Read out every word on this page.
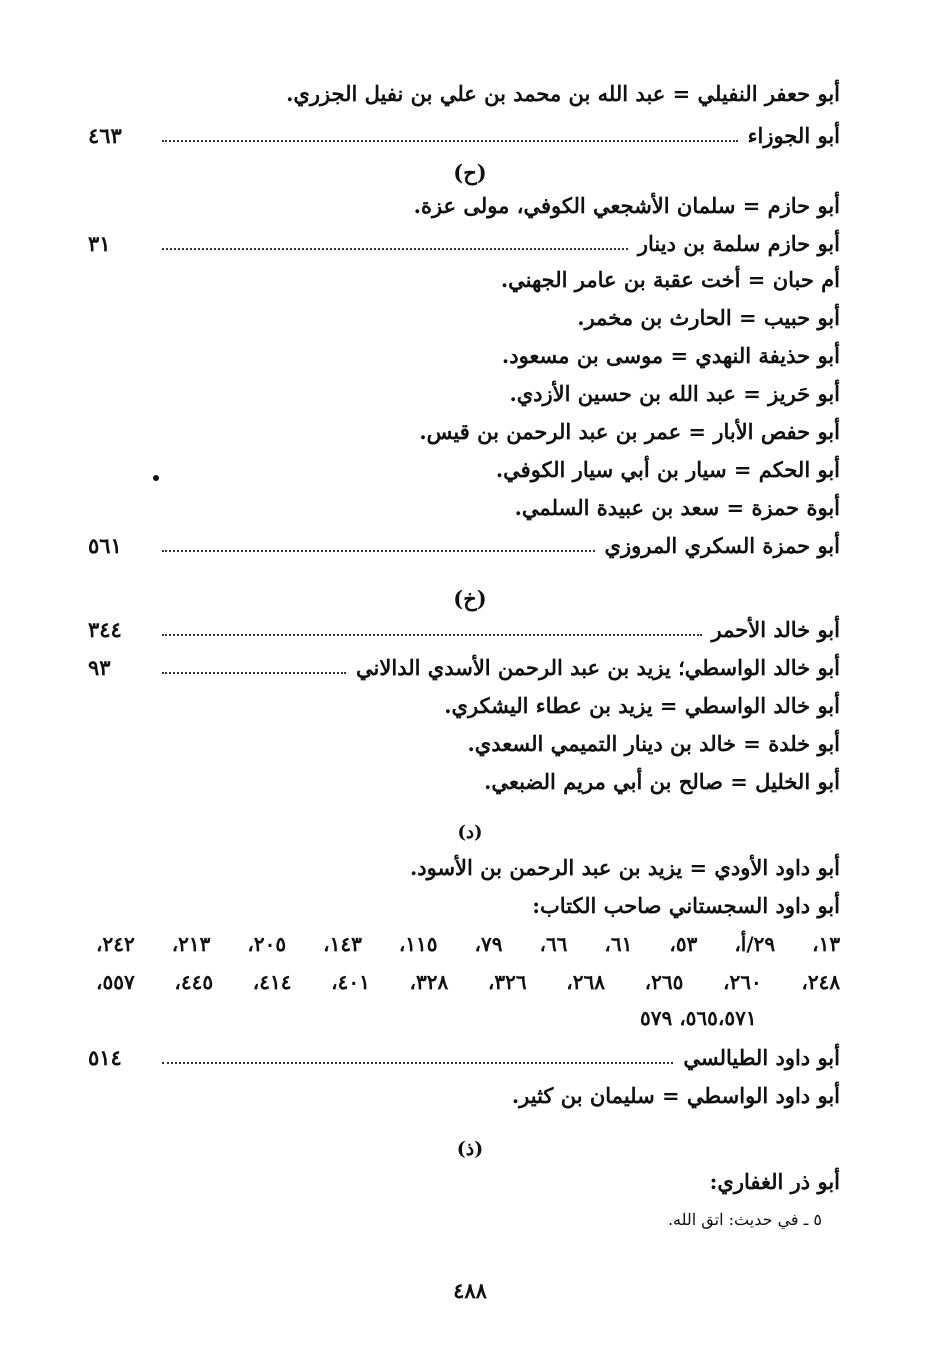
أبو حعفر النفيلي = عبد الله بن محمد بن علي بن نفيل الجزري.
أبو الجوزاء
٤٦٣
(ح)
أبو حازم = سلمان الأشجعي الكوفي، مولى عزة.
أبو حازم سلمة بن دينار
٣١
أم حبان = أخت عقبة بن عامر الجهني.
أبو حبيب = الحارث بن مخمر.
أبو حذيفة النهدي = موسى بن مسعود.
أبو حَريز = عبد الله بن حسين الأزدي.
أبو حفص الأبار = عمر بن عبد الرحمن بن قيس.
أبو الحكم = سيار بن أبي سيار الكوفي.
أبوة حمزة = سعد بن عبيدة السلمي.
أبو حمزة السكري المروزي
٥٦١
(خ)
أبو خالد الأحمر
٣٤٤
أبو خالد الواسطي؛ يزيد بن عبد الرحمن الأسدي الدالاني
٩٣
أبو خالد الواسطي = يزيد بن عطاء اليشكري.
أبو خلدة = خالد بن دينار التميمي السعدي.
أبو الخليل = صالح بن أبي مريم الضبعي.
(د)
أبو داود الأودي = يزيد بن عبد الرحمن بن الأسود.
أبو داود السجستاني صاحب الكتاب:
١٣، ٢٩/أ، ٥٣، ٦١، ٦٦، ٧٩، ١١٥، ١٤٣، ٢٠٥، ٢١٣، ٢٤٢،
٢٤٨، ٢٦٠، ٢٦٥، ٢٦٨، ٣٢٦، ٣٢٨، ٤٠١، ٤١٤، ٤٤٥، ٥٥٧،
٥٦٥،٥٧١، ٥٧٩
أبو داود الطيالسي
٥١٤
أبو داود الواسطي = سليمان بن كثير.
(ذ)
أبو ذر الغفاري:
٥ ـ في حديث: اتق الله.
٤٨٨
